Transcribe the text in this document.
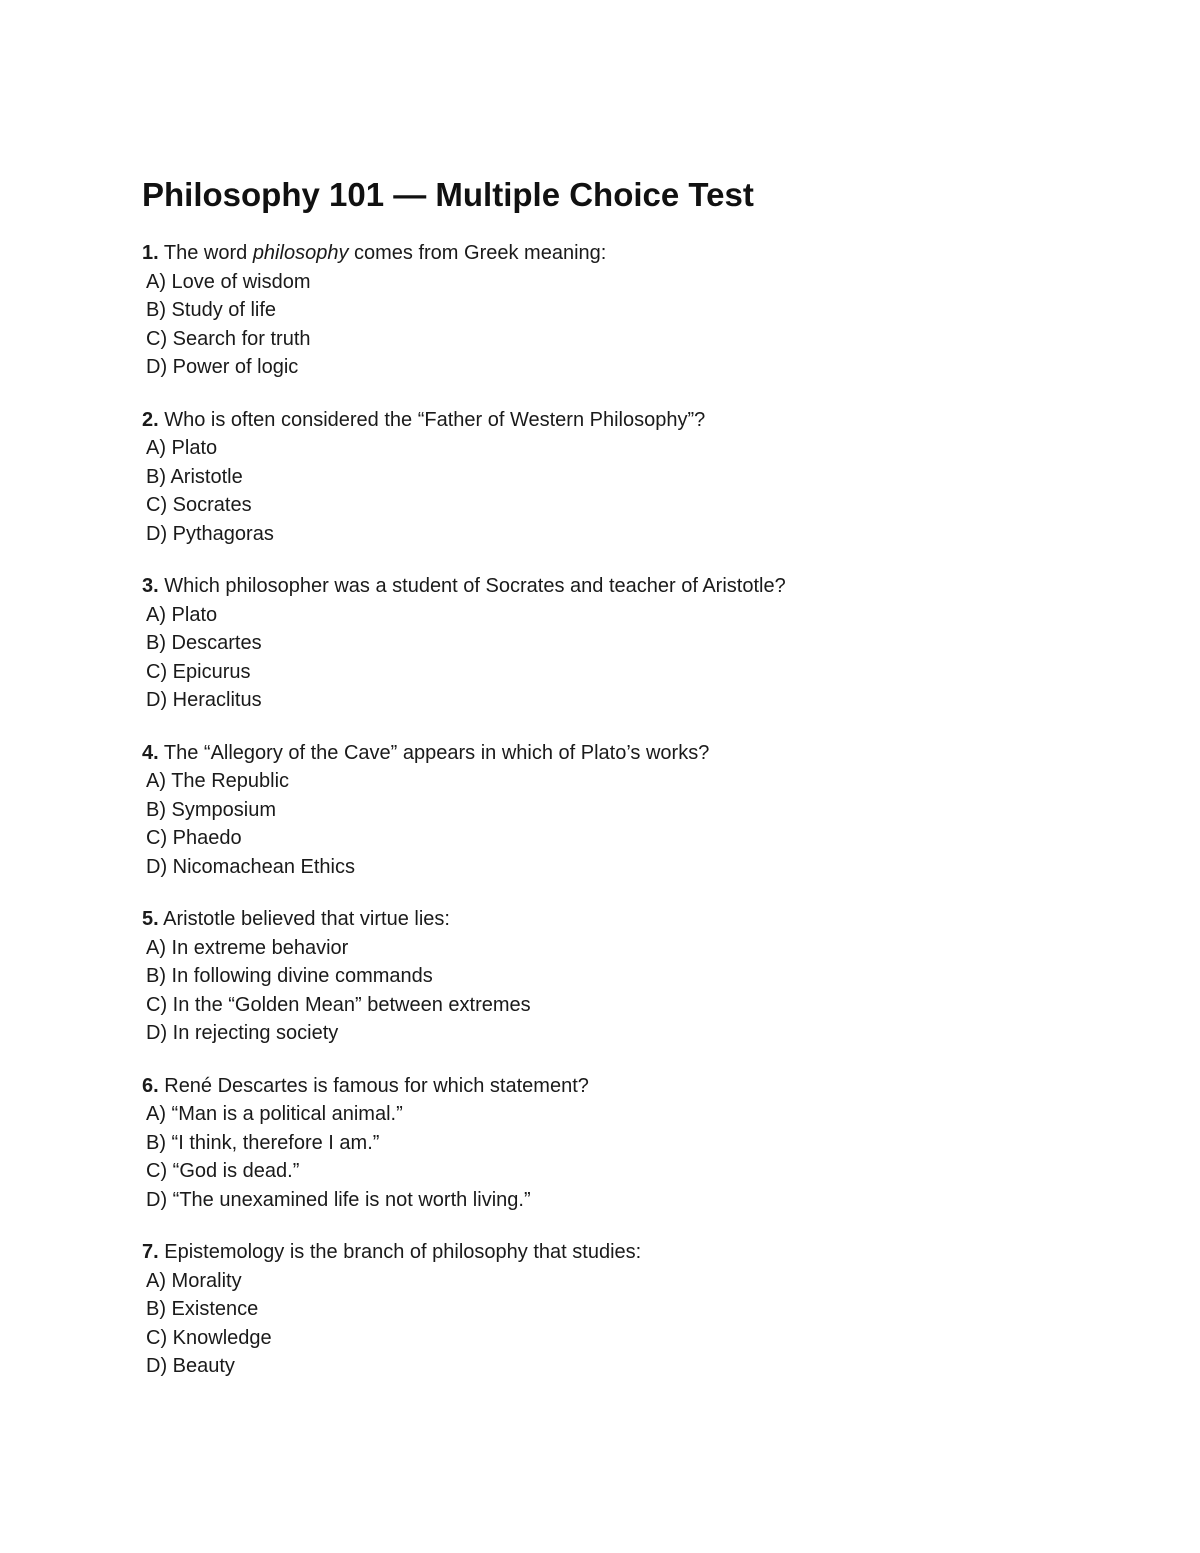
Philosophy 101 — Multiple Choice Test
1. The word philosophy comes from Greek meaning:
A) Love of wisdom
B) Study of life
C) Search for truth
D) Power of logic
2. Who is often considered the “Father of Western Philosophy”?
A) Plato
B) Aristotle
C) Socrates
D) Pythagoras
3. Which philosopher was a student of Socrates and teacher of Aristotle?
A) Plato
B) Descartes
C) Epicurus
D) Heraclitus
4. The “Allegory of the Cave” appears in which of Plato’s works?
A) The Republic
B) Symposium
C) Phaedo
D) Nicomachean Ethics
5. Aristotle believed that virtue lies:
A) In extreme behavior
B) In following divine commands
C) In the “Golden Mean” between extremes
D) In rejecting society
6. René Descartes is famous for which statement?
A) “Man is a political animal.”
B) “I think, therefore I am.”
C) “God is dead.”
D) “The unexamined life is not worth living.”
7. Epistemology is the branch of philosophy that studies:
A) Morality
B) Existence
C) Knowledge
D) Beauty
